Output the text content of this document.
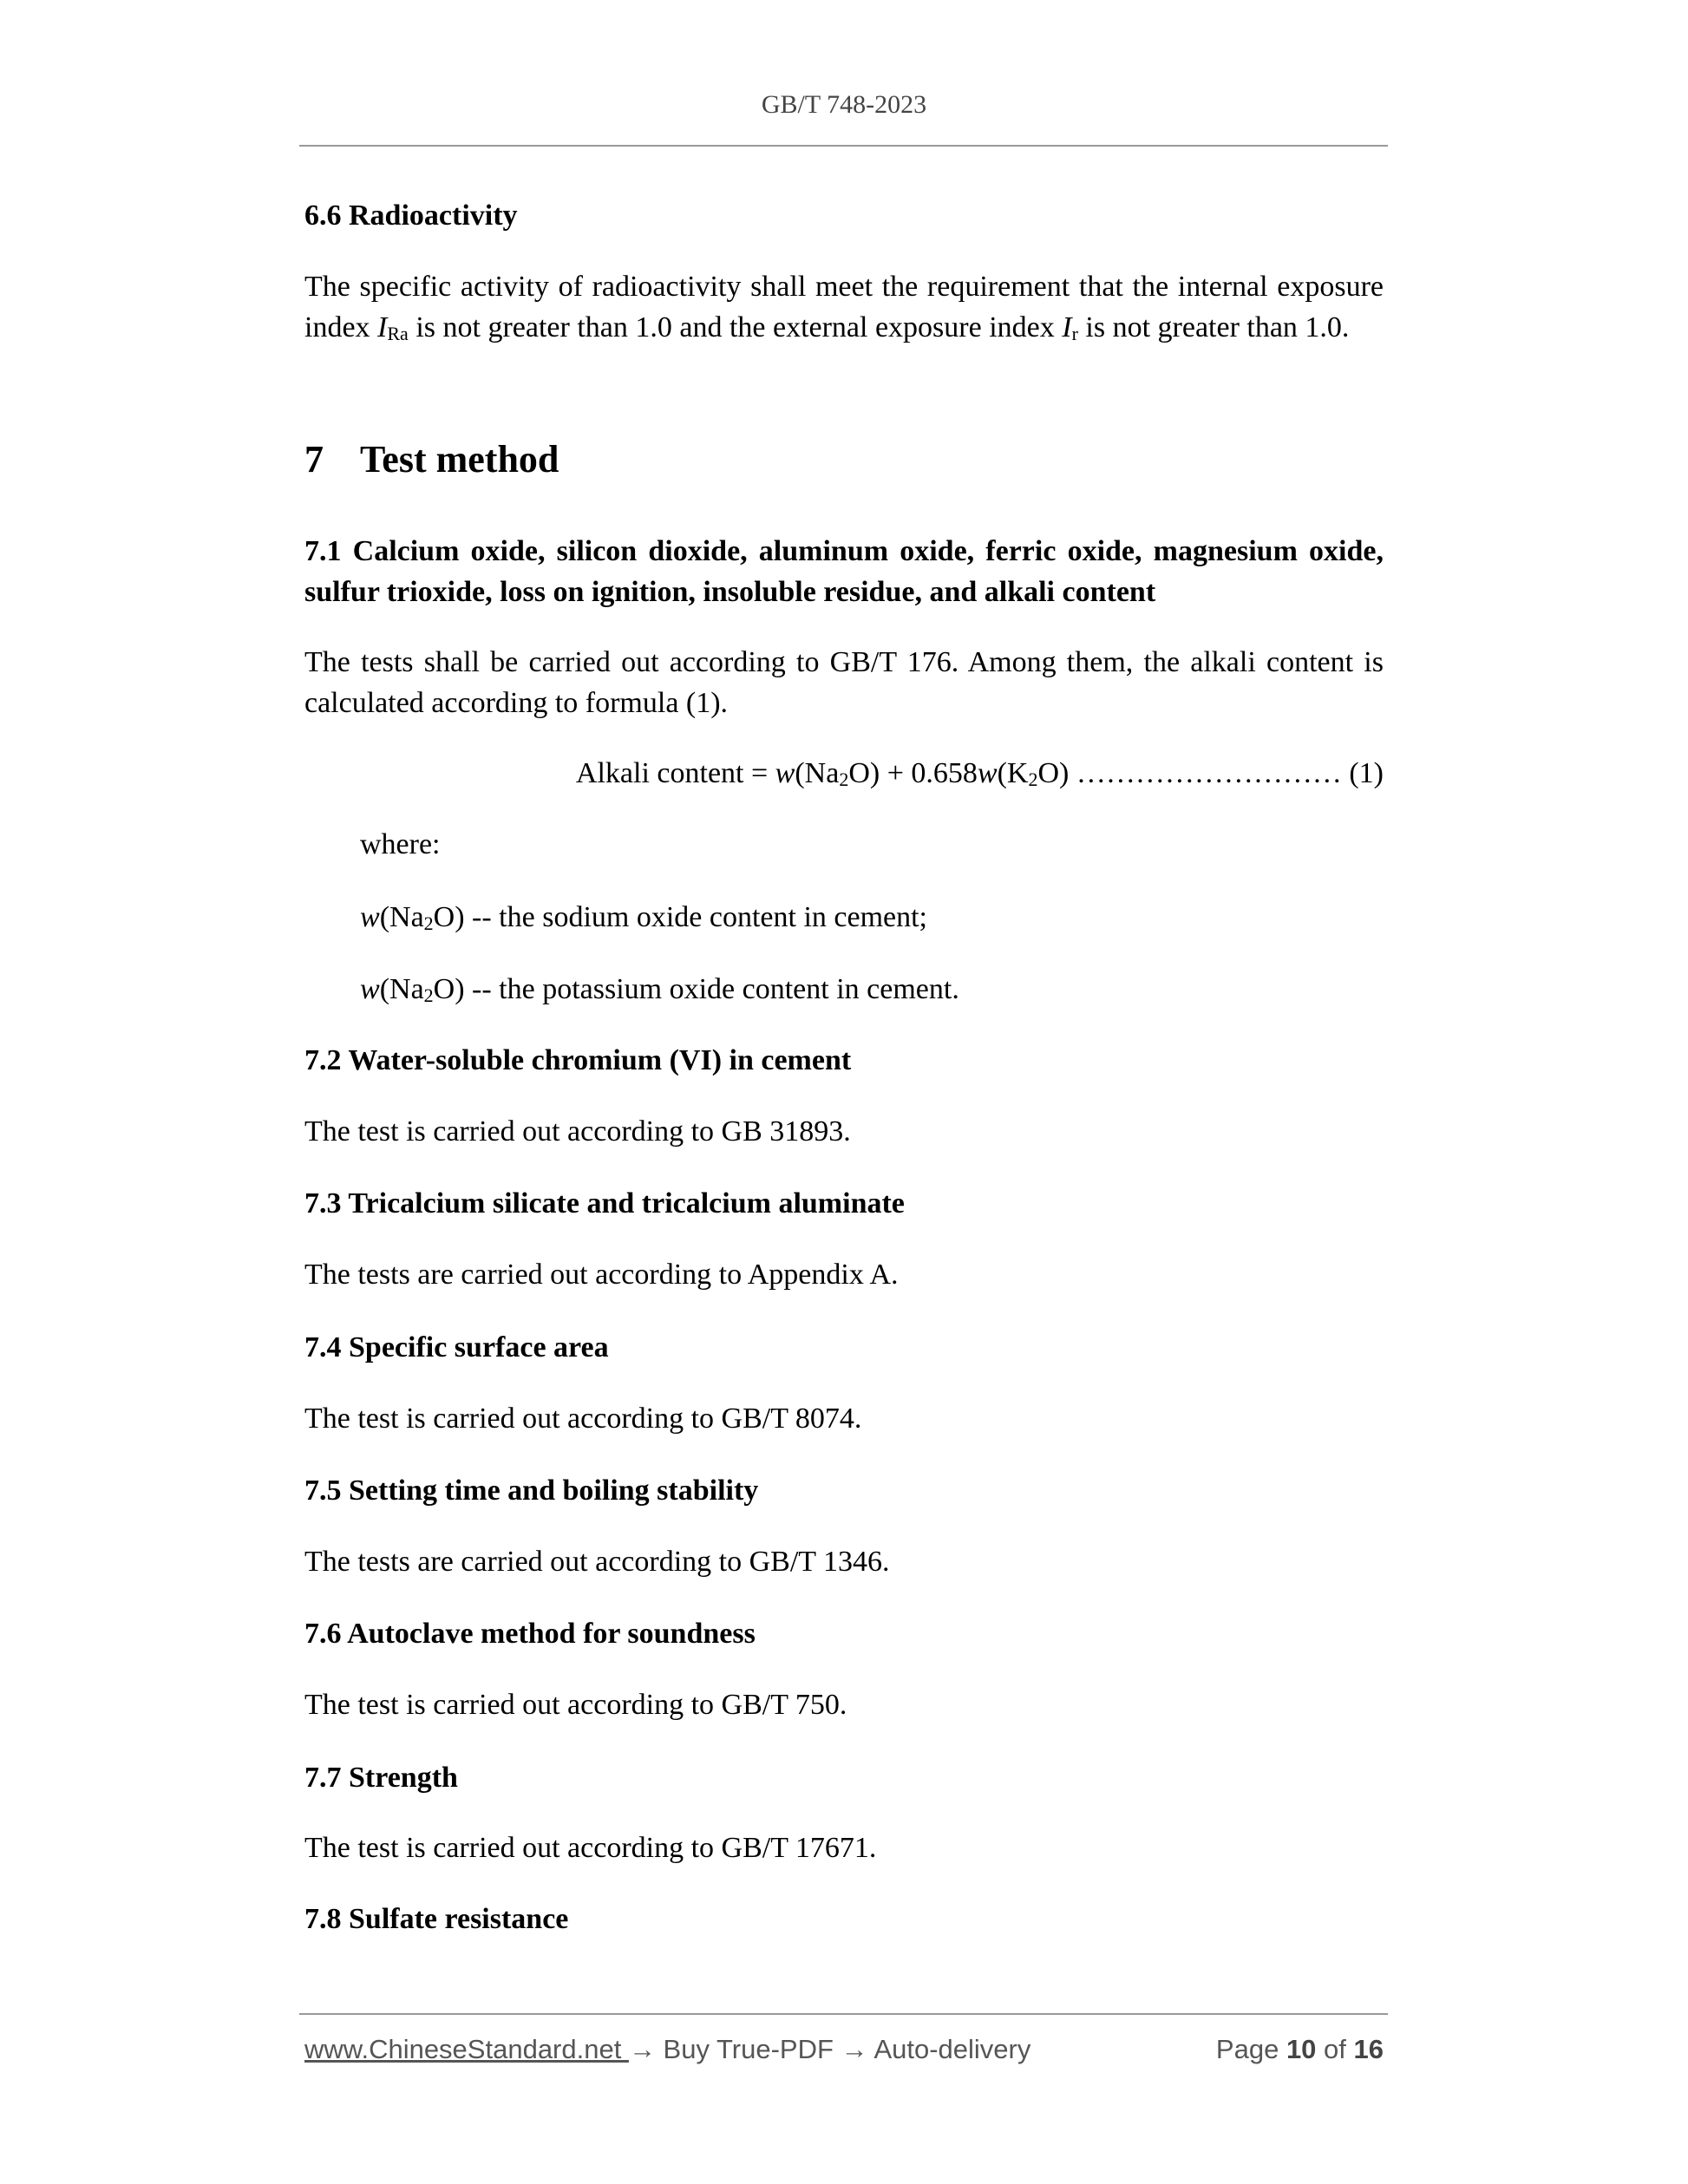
GB/T 748-2023
6.6 Radioactivity
The specific activity of radioactivity shall meet the requirement that the internal exposure index $I_{Ra}$ is not greater than 1.0 and the external exposure index $I_r$ is not greater than 1.0.
7 Test method
7.1 Calcium oxide, silicon dioxide, aluminum oxide, ferric oxide, magnesium oxide, sulfur trioxide, loss on ignition, insoluble residue, and alkali content
The tests shall be carried out according to GB/T 176. Among them, the alkali content is calculated according to formula (1).
Alkali content = $w(Na_2O) + 0.658w(K_2O)$ ……………………… (1)
where:
$w(Na_2O)$ -- the sodium oxide content in cement;
$w(Na_2O)$ -- the potassium oxide content in cement.
7.2 Water-soluble chromium (VI) in cement
The test is carried out according to GB 31893.
7.3 Tricalcium silicate and tricalcium aluminate
The tests are carried out according to Appendix A.
7.4 Specific surface area
The test is carried out according to GB/T 8074.
7.5 Setting time and boiling stability
The tests are carried out according to GB/T 1346.
7.6 Autoclave method for soundness
The test is carried out according to GB/T 750.
7.7 Strength
The test is carried out according to GB/T 17671.
7.8 Sulfate resistance
www.ChineseStandard.net → Buy True-PDF → Auto-delivery	Page 10 of 16
